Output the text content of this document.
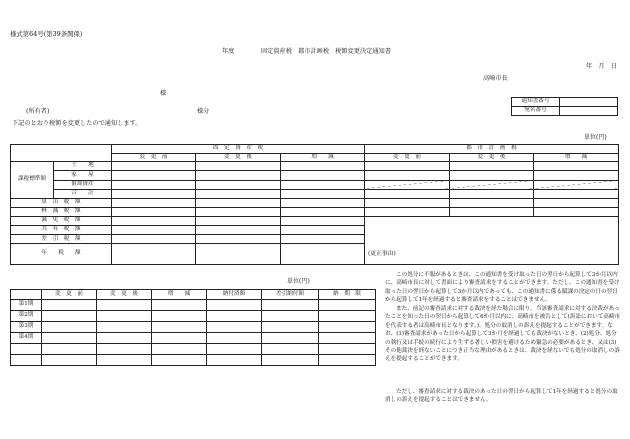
様式第64号(第39条関係)
年度	固定資産税　都市計画税　税額変更決定通知書
年　月　日
高崎市長
様
(所有者)	様分
下記のとおり税額を変更したので通知します。
通知書番号	
宛名番号	
単位(円)
		固　定　資　産　税			都　市　計　画　税		
		変　更　前	変　更　後	増　　減	変　更　前	変　更　後	増　　減
課税標準額	土　　地						
	家　　屋						
	償却資産						
	合　　計						
算　出　税　額							
軽　減　税　額							
減　免　税　額							

共　有　税　額							
差　引　税　額							
年　　税　　額								(更正事由)
単位(円)
	変　更　前	変　更　後	増　　減	納付済額	差引納付額	納　期　限
第1期						
第2期						
第3期						
第4期						

この処分に不服があるときは、この通知書を受け取った日の翌日から起算して3か月以内に、高崎市長に対して書面により審査請求をすることができます。ただし、この通知書を受け取った日の翌日から起算して3か月以内であっても、この通知書に係る賦課の決定の日の翌日から起算して1年を経過すると審査請求をすることはできません。
また、前記の審査請求に対する裁決を経た場合に限り、当該審査請求に対する決裁があったことを知った日の翌日から起算して6か月以内に、高崎市を被告として(訴訟において高崎市を代表する者は高崎市長となります。)、処分の取消しの訴えを提起することができます。なお、(1)審査請求があった日から起算して3か月を経過しても裁決がないとき、(2)処分、処分の執行又は手続の続行により生ずる著しい損害を避けるため緊急の必要があるとき、又は(3)その他裁決を経ないことにつき正当な理由があるときは、裁決を経ないでも処分の取消しの訴えを提起することができます。
ただし、審査請求に対する裁決のあった日の翌日から起算して1年を経過すると処分の取消しの訴えを提起することはできません。
